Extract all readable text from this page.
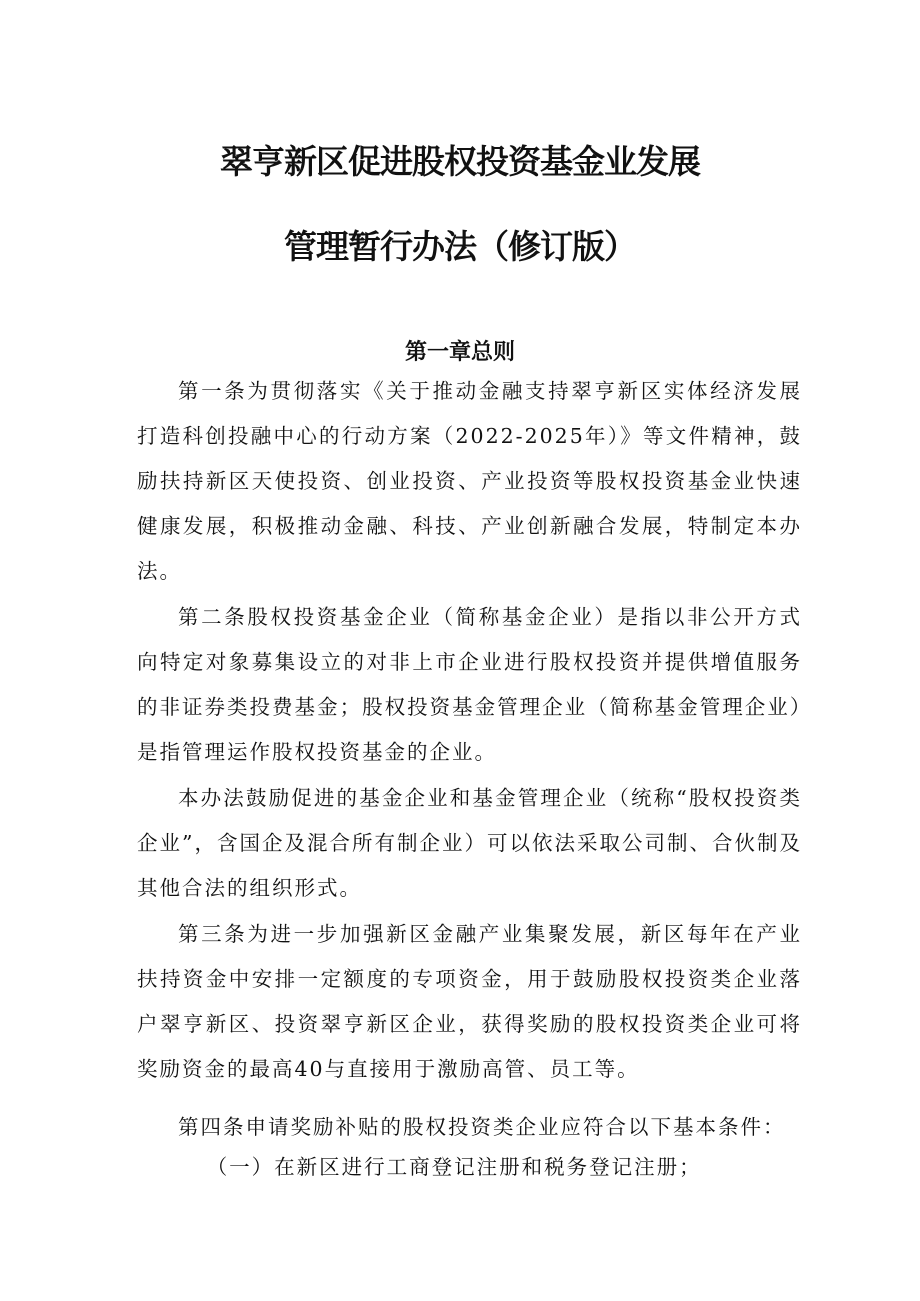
翠亨新区促进股权投资基金业发展
管理暂行办法（修订版）
第一章总则

第一条为贯彻落实《关于推动金融支持翠亨新区实体经济发展打造科创投融中心的行动方案（2022-2025年）》等文件精神，鼓励扶持新区天使投资、创业投资、产业投资等股权投资基金业快速健康发展，积极推动金融、科技、产业创新融合发展，特制定本办法。

第二条股权投资基金企业（简称基金企业）是指以非公开方式向特定对象募集设立的对非上市企业进行股权投资并提供增值服务的非证券类投费基金；股权投资基金管理企业（简称基金管理企业）是指管理运作股权投资基金的企业。

本办法鼓励促进的基金企业和基金管理企业（统称“股权投资类企业”，含国企及混合所有制企业）可以依法采取公司制、合伙制及其他合法的组织形式。

第三条为进一步加强新区金融产业集聚发展，新区每年在产业扶持资金中安排一定额度的专项资金，用于鼓励股权投资类企业落户翠亨新区、投资翠亨新区企业，获得奖励的股权投资类企业可将奖励资金的最高40与直接用于激励高管、员工等。

第四条申请奖励补贴的股权投资类企业应符合以下基本条件：

（一）在新区进行工商登记注册和税务登记注册；
